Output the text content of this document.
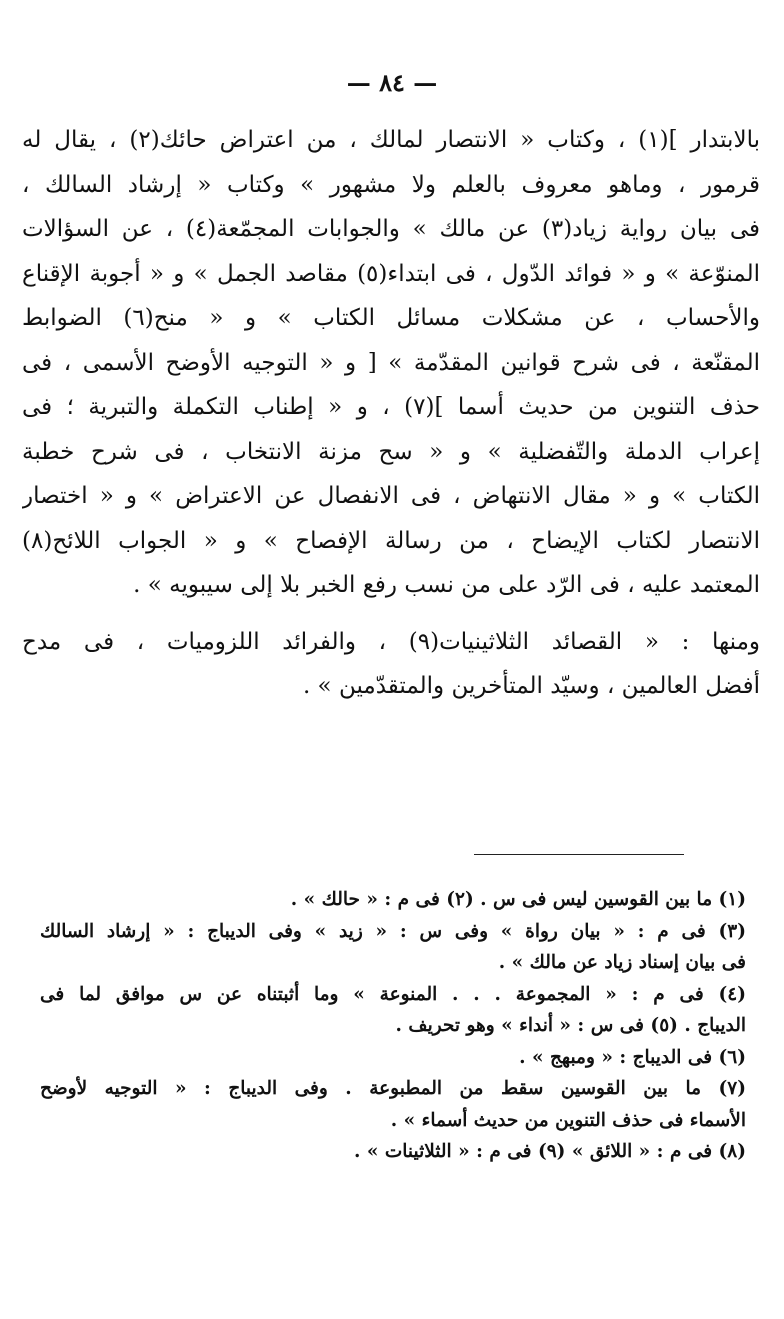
— ٨٤ —
بالابتدار ](١) ، وكتاب « الانتصار لمالك ، من اعتراض حائك(٢) ، يقال له
قرمور ، وماهو معروف بالعلم ولا مشهور » وكتاب « إرشاد السالك ،
فى بيان رواية زياد(٣) عن مالك » والجوابات المجمّعة(٤) ، عن السؤالات
المنوّعة » و « فوائد الدّول ، فى ابتداء(٥) مقاصد الجمل » و « أجوبة الإقناع
والأحساب ، عن مشكلات مسائل الكتاب » و « منح(٦) الضوابط
المقنّعة ، فى شرح قوانين المقدّمة » [ و « التوجيه الأوضح الأسمى ، فى
حذف التنوين من حديث أسما ](٧) ، و « إطناب التكملة والتبرية ؛ فى
إعراب الدملة والتّفضلية » و « سح مزنة الانتخاب ، فى شرح خطبة
الكتاب » و « مقال الانتهاض ، فى الانفصال عن الاعتراض » و « اختصار
الانتصار لكتاب الإيضاح ، من رسالة الإفصاح » و « الجواب اللائح(٨)
المعتمد عليه ، فى الرّد على من نسب رفع الخبر بلا إلى سيبويه » .
ومنها : « القصائد الثلاثينيات(٩) ، والفرائد اللزوميات ، فى مدح
أفضل العالمين ، وسيّد المتأخرين والمتقدّمين » .
(١) ما بين القوسين ليس فى س . (٢) فى م : « حالك » .
(٣) فى م : « بيان رواة » وفى س : « زيد » وفى الديباج : « إرشاد السالك
فى بيان إسناد زياد عن مالك » .
(٤) فى م : « المجموعة . . . المنوعة » وما أثبتناه عن س موافق لما فى
الديباج . (٥) فى س : « أنداء » وهو تحريف .
(٦) فى الديباج : « ومبهج » .
(٧) ما بين القوسين سقط من المطبوعة . وفى الديباج : « التوجيه لأوضح
الأسماء فى حذف التنوين من حديث أسماء » .
(٨) فى م : « اللائق » (٩) فى م : « الثلاثينات » .
